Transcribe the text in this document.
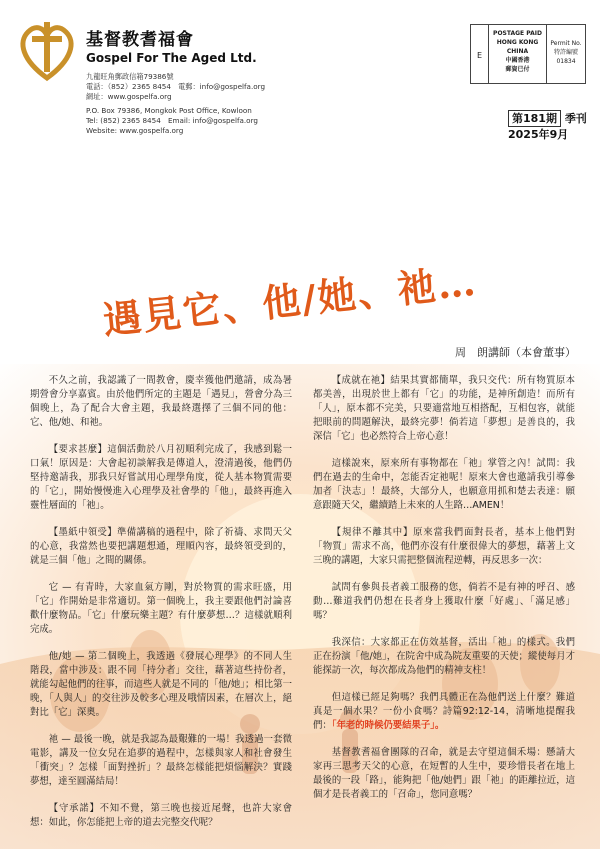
基督教耆福會
Gospel For The Aged Ltd.
九龍旺角郵政信箱79386號
電話：（852）2365 8454　電郵：info@gospelfa.org
網址：www.gospelfa.org
P.O. Box 79386, Mongkok Post Office, Kowloon
Tel: (852) 2365 8454　Email: info@gospelfa.org
Website: www.gospelfa.org
E
POSTAGE PAID
HONG KONG
CHINA
中國香港
郵資已付
Permit No.
特許編號
01834
第181期 季刊
2025年9月
遇見它、他/她、祂…
周　朗講師（本會董事）

不久之前，我認識了一間教會，慶幸獲他們邀請，成為暑期營會分享嘉賓。由於他們所定的主題是「遇見」，營會分為三個晚上，為了配合大會主題，我最終選擇了三個不同的他：它、他/她、和祂。

【要求甚麼】這個活動於八月初順利完成了，我感到鬆一口氣！原因是：大會起初談解我是傳道人，澄清過後，他們仍堅持邀請我，那我只好嘗試用心理學角度，從人基本物質需要的「它」，開始慢慢進入心理學及社會學的「他」，最終再進入靈性層面的「祂」。

【墨紙中領受】準備講稿的過程中，除了祈禱、求問天父的心意，我當然也要把講題想通，理順內容，最終領受到的，就是三個「他」之間的關係。

它 — 有青時，大家血氣方剛，對於物質的需求旺盛，用「它」作開始是非常適切。第一個晚上，我主要跟他們討論喜歡什麼物品。「它」什麼玩樂主題？有什麼夢想…？這樣就順利完成。

他/她 — 第二個晚上，我透過《發展心理學》的不同人生階段，當中涉及：跟不同「持分者」交往，藉著這些持份者，就能勾起他們的往事，而這些人就是不同的「他/她」；相比第一晚，「人與人」的交往涉及較多心理及哦情因素，在層次上，絕對比「它」深奧。

祂 — 最後一晚，就是我認為最艱難的一場！我透過一套微電影，講及一位女兒在追夢的過程中，怎樣與家人和社會發生「衝突」？怎樣「面對挫折」？最終怎樣能把煩惱解決？實踐夢想，達至圓滿結局！

【守承諾】不知不覺，第三晚也接近尾聲，也許大家會想：如此，你怎能把上帝的道去完整交代呢？

【成就在祂】結果其實都簡單，我只交代：所有物質原本都美善，出現於世上都有「它」的功能，是神所創造！而所有「人」，原本都不完美，只要適當地互相搭配，互相包容，就能把眼前的問題解決，最終完夢！倘若這「夢想」是善良的，我深信「它」也必然符合上帝心意！

這樣說來，原來所有事物都在「祂」掌管之內！試問：我們在過去的生命中，怎能否定祂呢！原來大會也邀請我引導參加者「決志」！最終，大部分人，也願意用抓和楚去表達：願意跟隨天父，繼續踏上未來的人生路…AMEN！

【規律不離其中】原來當我們面對長者，基本上他們對「物質」需求不高，他們亦沒有什麼很偉大的夢想，藉著上文三晚的講題，大家只需把整個流程逆轉，再反思多一次：

試問有參與長者義工服務的您，倘若不是有神的呼召、感動…難道我們仍想在長者身上獲取什麼「好處」、「滿足感」嗎？

我深信：大家都正在仿效基督，活出「祂」的樣式。我們正在扮演「他/她」，在院舍中成為院友重要的天使；縱使每月才能探訪一次，每次都成為他們的精神支柱！

但這樣已經足夠嗎？我們具體正在為他們送上什麼？難道真是一個水果？一份小食嗎？詩篇92:12-14，清晰地提醒我們：「年老的時候仍要結果子」。

基督教耆福會團隊的召命，就是去守望這個禾場：懸請大家再三思考天父的心意，在短暫的人生中，要珍惜長者在地上最後的一段「路」，能夠把「他/她們」跟「祂」的距離拉近，這個才是長者義工的「召命」，您同意嗎？
